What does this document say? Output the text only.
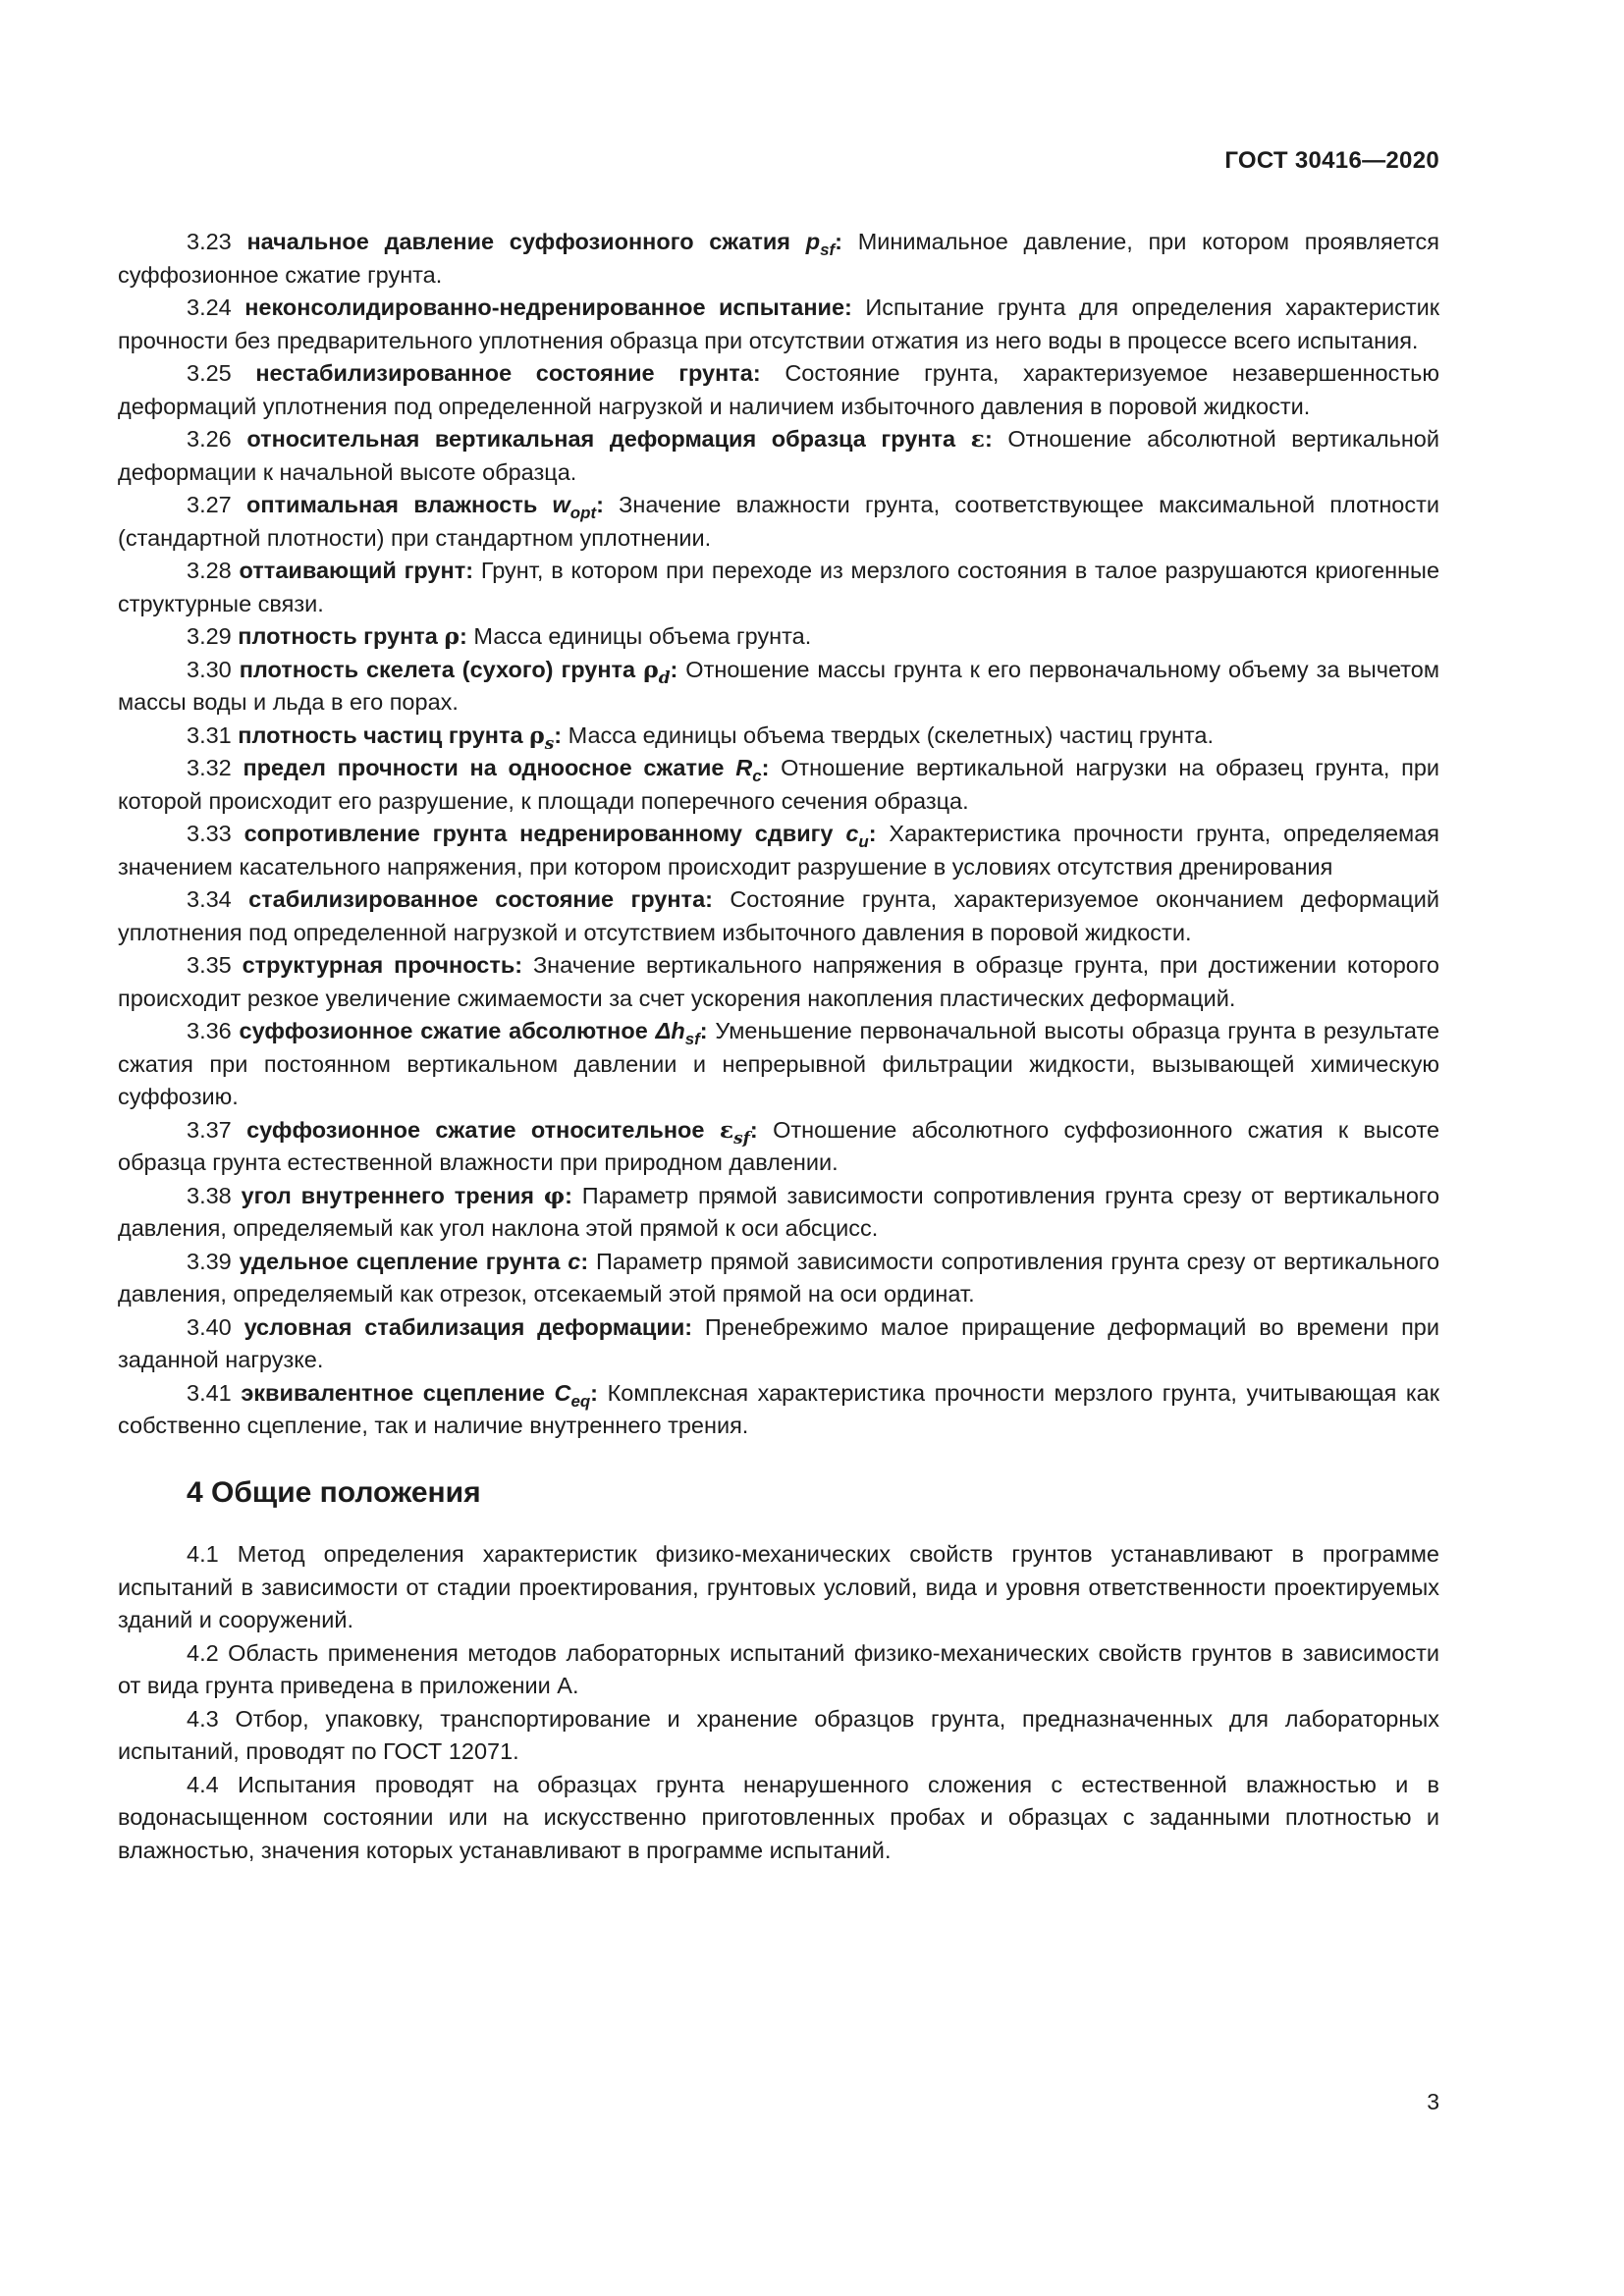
ГОСТ 30416—2020

3.23 начальное давление суффозионного сжатия $p_{sf}$: Минимальное давление, при котором проявляется суффозионное сжатие грунта.

3.24 неконсолидированно-недренированное испытание: Испытание грунта для определения характеристик прочности без предварительного уплотнения образца при отсутствии отжатия из него воды в процессе всего испытания.

3.25 нестабилизированное состояние грунта: Состояние грунта, характеризуемое незавершенностью деформаций уплотнения под определенной нагрузкой и наличием избыточного давления в поровой жидкости.

3.26 относительная вертикальная деформация образца грунта ε: Отношение абсолютной вертикальной деформации к начальной высоте образца.

3.27 оптимальная влажность $w_{opt}$: Значение влажности грунта, соответствующее максимальной плотности (стандартной плотности) при стандартном уплотнении.

3.28 оттаивающий грунт: Грунт, в котором при переходе из мерзлого состояния в талое разрушаются криогенные структурные связи.

3.29 плотность грунта ρ: Масса единицы объема грунта.

3.30 плотность скелета (сухого) грунта $\rho_d$: Отношение массы грунта к его первоначальному объему за вычетом массы воды и льда в его порах.

3.31 плотность частиц грунта $\rho_s$: Масса единицы объема твердых (скелетных) частиц грунта.

3.32 предел прочности на одноосное сжатие $R_c$: Отношение вертикальной нагрузки на образец грунта, при которой происходит его разрушение, к площади поперечного сечения образца.

3.33 сопротивление грунта недренированному сдвигу $c_u$: Характеристика прочности грунта, определяемая значением касательного напряжения, при котором происходит разрушение в условиях отсутствия дренирования

3.34 стабилизированное состояние грунта: Состояние грунта, характеризуемое окончанием деформаций уплотнения под определенной нагрузкой и отсутствием избыточного давления в поровой жидкости.

3.35 структурная прочность: Значение вертикального напряжения в образце грунта, при достижении которого происходит резкое увеличение сжимаемости за счет ускорения накопления пластических деформаций.

3.36 суффозионное сжатие абсолютное $\Delta h_{sf}$: Уменьшение первоначальной высоты образца грунта в результате сжатия при постоянном вертикальном давлении и непрерывной фильтрации жидкости, вызывающей химическую суффозию.

3.37 суффозионное сжатие относительное $\varepsilon_{sf}$: Отношение абсолютного суффозионного сжатия к высоте образца грунта естественной влажности при природном давлении.

3.38 угол внутреннего трения φ: Параметр прямой зависимости сопротивления грунта срезу от вертикального давления, определяемый как угол наклона этой прямой к оси абсцисс.

3.39 удельное сцепление грунта c: Параметр прямой зависимости сопротивления грунта срезу от вертикального давления, определяемый как отрезок, отсекаемый этой прямой на оси ординат.

3.40 условная стабилизация деформации: Пренебрежимо малое приращение деформаций во времени при заданной нагрузке.

3.41 эквивалентное сцепление $C_{eq}$: Комплексная характеристика прочности мерзлого грунта, учитывающая как собственно сцепление, так и наличие внутреннего трения.

4 Общие положения

4.1 Метод определения характеристик физико-механических свойств грунтов устанавливают в программе испытаний в зависимости от стадии проектирования, грунтовых условий, вида и уровня ответственности проектируемых зданий и сооружений.

4.2 Область применения методов лабораторных испытаний физико-механических свойств грунтов в зависимости от вида грунта приведена в приложении А.

4.3 Отбор, упаковку, транспортирование и хранение образцов грунта, предназначенных для лабораторных испытаний, проводят по ГОСТ 12071.

4.4 Испытания проводят на образцах грунта ненарушенного сложения с естественной влажностью и в водонасыщенном состоянии или на искусственно приготовленных пробах и образцах с заданными плотностью и влажностью, значения которых устанавливают в программе испытаний.

3
